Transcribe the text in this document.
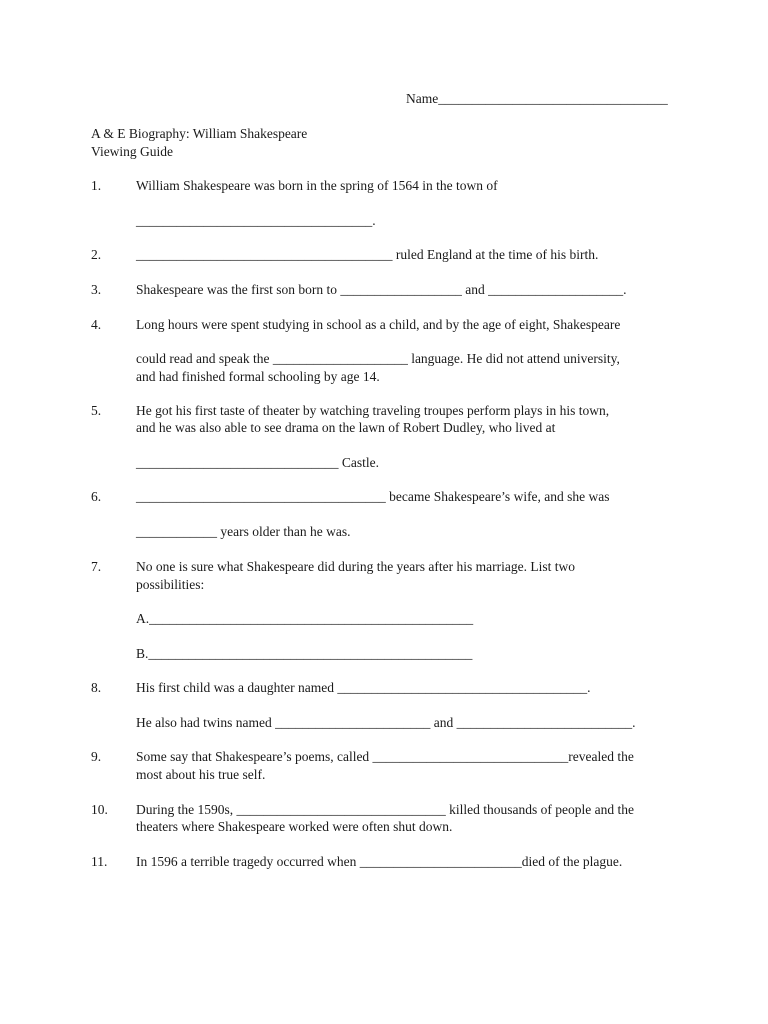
Name__________________________________
A & E Biography: William Shakespeare
Viewing Guide
1.	William Shakespeare was born in the spring of 1564 in the town of
___________________________________.
2.	______________________________________ ruled England at the time of his birth.
3.	Shakespeare was the first son born to __________________ and ____________________.
4.	Long hours were spent studying in school as a child, and by the age of eight, Shakespeare
could read and speak the ____________________ language. He did not attend university,
and had finished formal schooling by age 14.
5.	He got his first taste of theater by watching traveling troupes perform plays in his town,
and he was also able to see drama on the lawn of Robert Dudley, who lived at
______________________________ Castle.
6.	_____________________________________ became Shakespeare’s wife, and she was
____________ years older than he was.
7.	No one is sure what Shakespeare did during the years after his marriage. List two
possibilities:
A.________________________________________________
B.________________________________________________
8.	His first child was a daughter named _____________________________________.
He also had twins named _______________________ and __________________________.
9.	Some say that Shakespeare’s poems, called _____________________________revealed the
most about his true self.
10. During the 1590s, _______________________________ killed thousands of people and the
theaters where Shakespeare worked were often shut down.
11. In 1596 a terrible tragedy occurred when ________________________died of the plague.
